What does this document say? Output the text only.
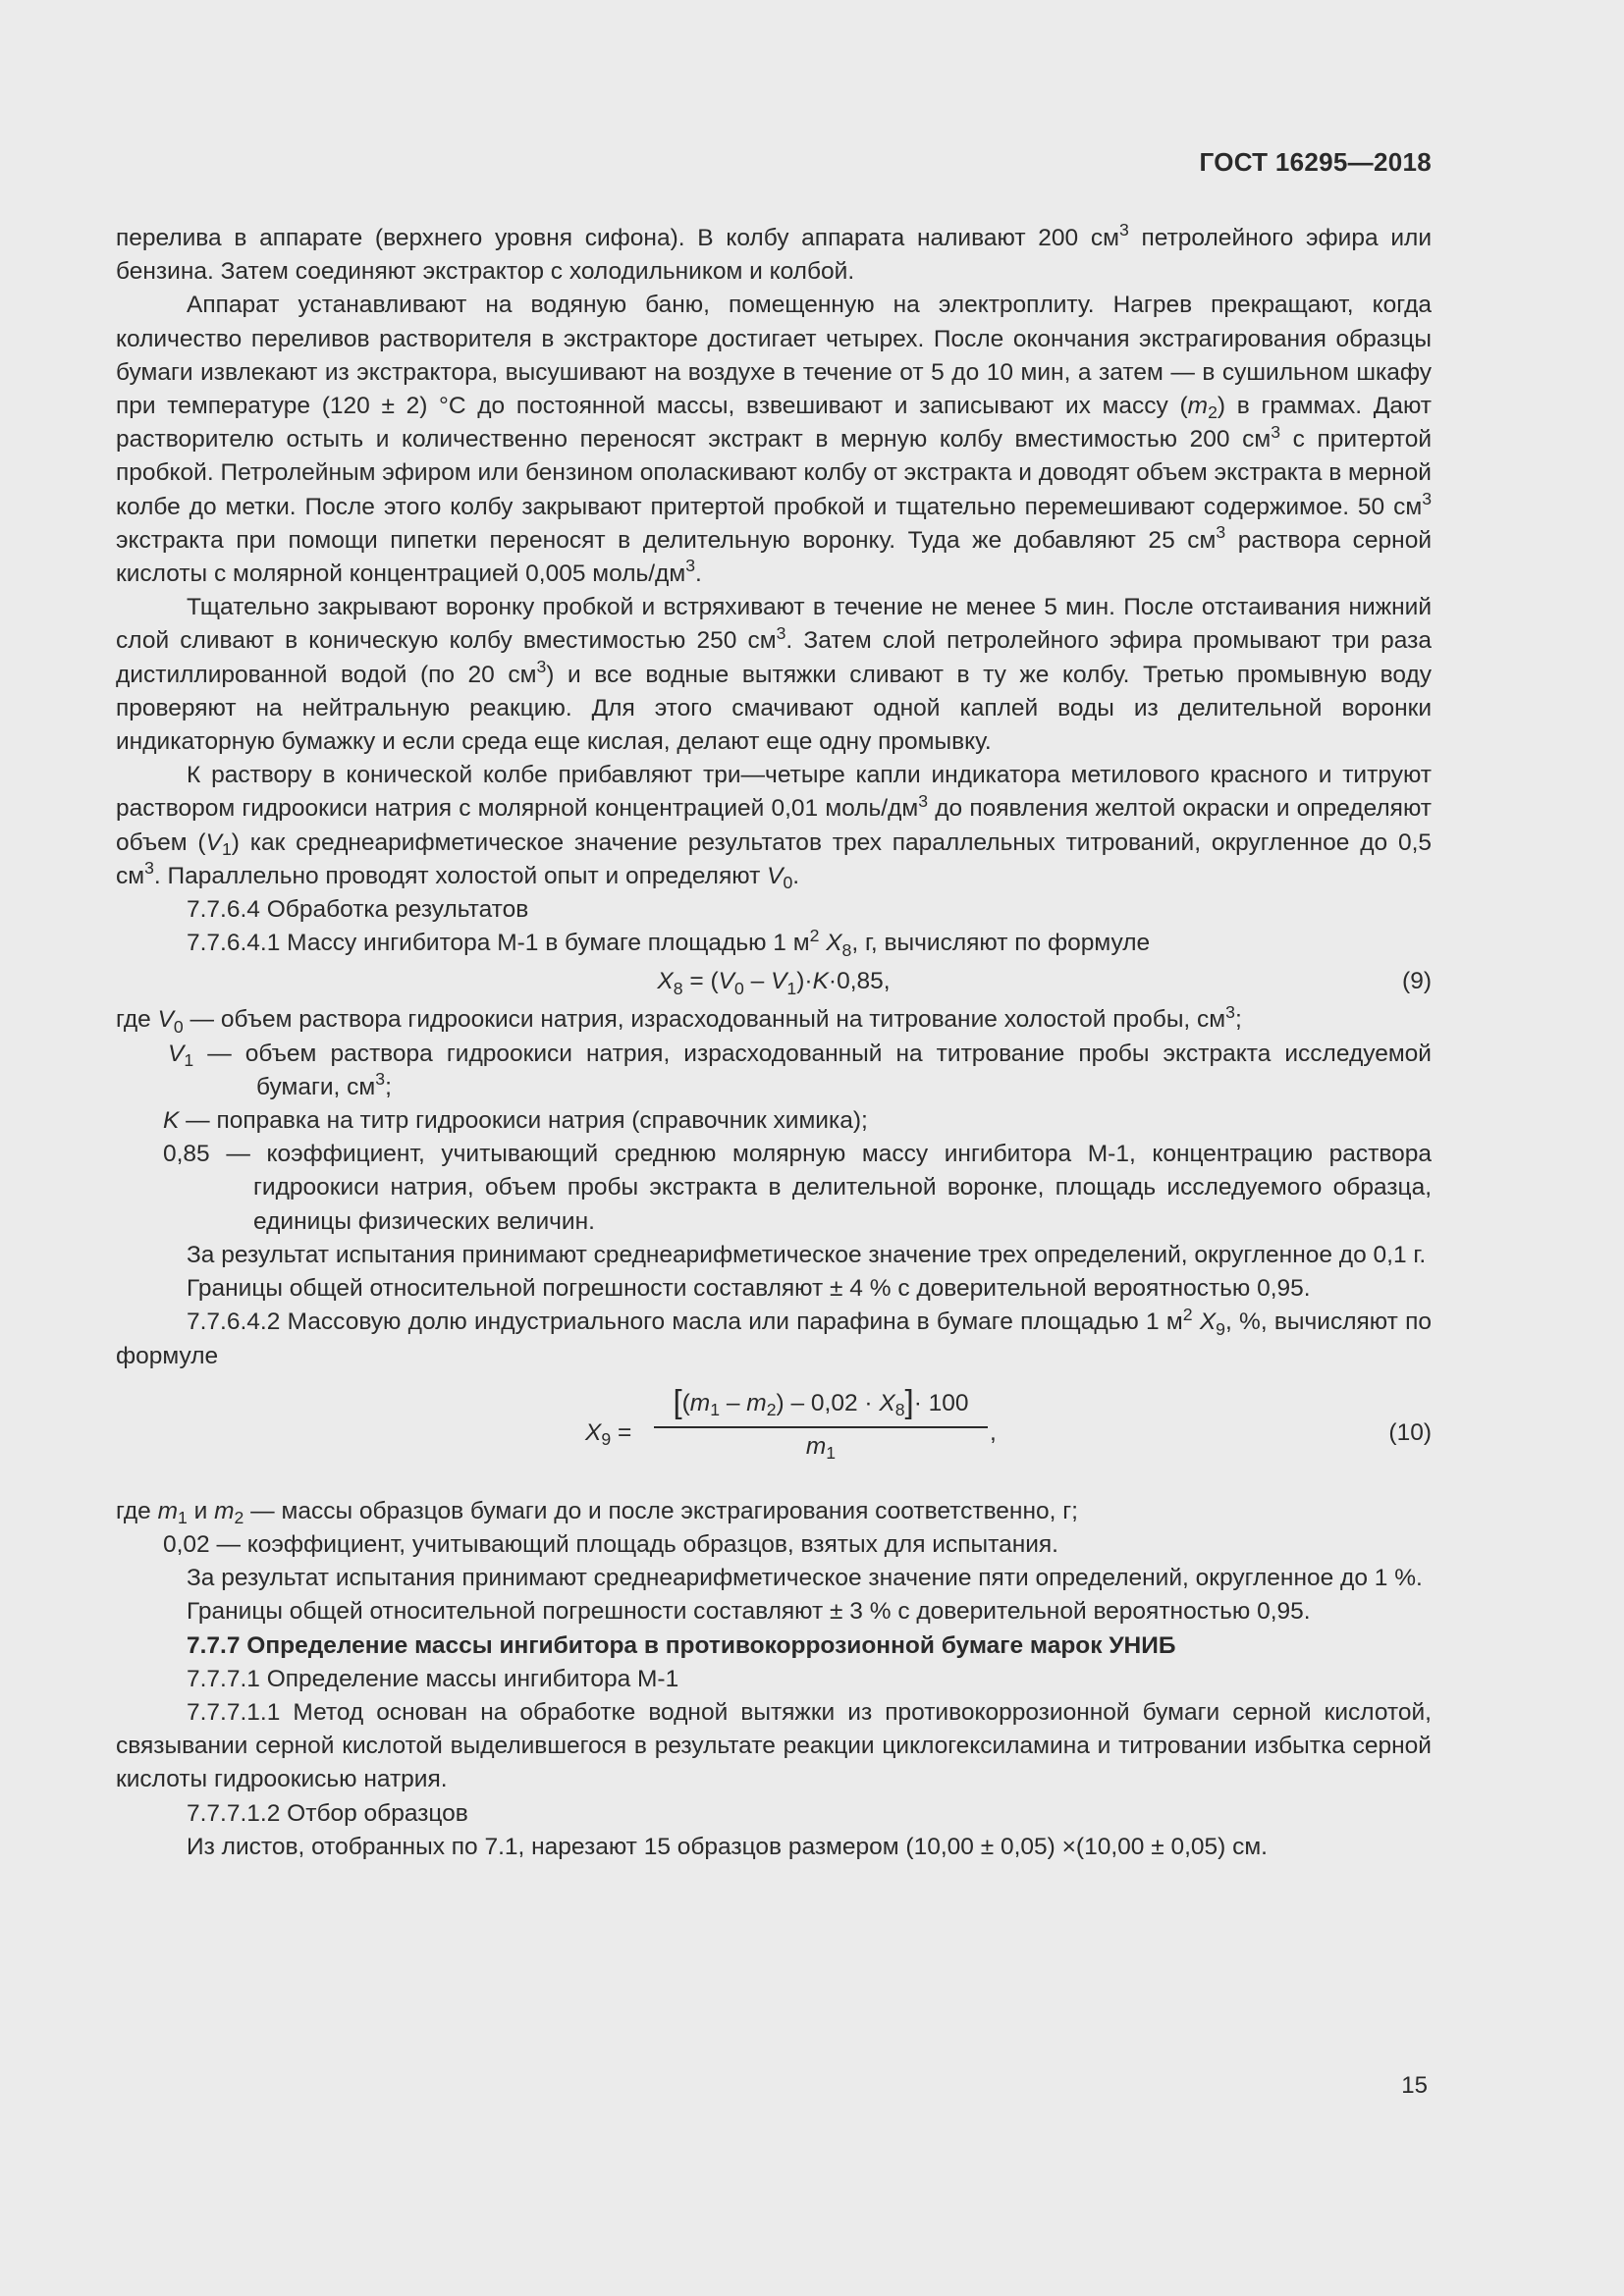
ГОСТ 16295—2018

перелива в аппарате (верхнего уровня сифона). В колбу аппарата наливают 200 $см^3$ петролейного эфира или бензина. Затем соединяют экстрактор с холодильником и колбой.

Аппарат устанавливают на водяную баню, помещенную на электроплиту. Нагрев прекращают, когда количество переливов растворителя в экстракторе достигает четырех. После окончания экстрагирования образцы бумаги извлекают из экстрактора, высушивают на воздухе в течение от 5 до 10 мин, а затем — в сушильном шкафу при температуре (120 ± 2) °С до постоянной массы, взвешивают и записывают их массу $(m_2)$ в граммах. Дают растворителю остыть и количественно переносят экстракт в мерную колбу вместимостью 200 $см^3$ с притертой пробкой. Петролейным эфиром или бензином ополаскивают колбу от экстракта и доводят объем экстракта в мерной колбе до метки. После этого колбу закрывают притертой пробкой и тщательно перемешивают содержимое. 50 $см^3$ экстракта при помощи пипетки переносят в делительную воронку. Туда же добавляют 25 $см^3$ раствора серной кислоты с молярной концентрацией 0,005 моль/$дм^3$.

Тщательно закрывают воронку пробкой и встряхивают в течение не менее 5 мин. После отстаивания нижний слой сливают в коническую колбу вместимостью 250 $см^3$. Затем слой петролейного эфира промывают три раза дистиллированной водой (по 20 $см^3$) и все водные вытяжки сливают в ту же колбу. Третью промывную воду проверяют на нейтральную реакцию. Для этого смачивают одной каплей воды из делительной воронки индикаторную бумажку и если среда еще кислая, делают еще одну промывку.

К раствору в конической колбе прибавляют три—четыре капли индикатора метилового красного и титруют раствором гидроокиси натрия с молярной концентрацией 0,01 моль/$дм^3$ до появления желтой окраски и определяют объем $(V_1)$ как среднеарифметическое значение результатов трех параллельных титрований, округленное до 0,5 $см^3$. Параллельно проводят холостой опыт и определяют $V_0$.

7.7.6.4 Обработка результатов

7.7.6.4.1 Массу ингибитора М-1 в бумаге площадью 1 $м^2$ $X_8$, г, вычисляют по формуле

$X_8 = (V_0 - V_1)\cdot K\cdot 0,85$,	(9)

где $V_0$ — объем раствора гидроокиси натрия, израсходованный на титрование холостой пробы, $см^3$;

$V_1$ — объем раствора гидроокиси натрия, израсходованный на титрование пробы экстракта исследуемой бумаги, $см^3$;

K — поправка на титр гидроокиси натрия (справочник химика);

0,85 — коэффициент, учитывающий среднюю молярную массу ингибитора М-1, концентрацию раствора гидроокиси натрия, объем пробы экстракта в делительной воронке, площадь исследуемого образца, единицы физических величин.

За результат испытания принимают среднеарифметическое значение трех определений, округленное до 0,1 г.

Границы общей относительной погрешности составляют ± 4 % с доверительной вероятностью 0,95.

7.7.6.4.2 Массовую долю индустриального масла или парафина в бумаге площадью 1 $м^2$ $X_9$, %, вычисляют по формуле

$X_9 = \frac{[(m_1 - m_2) - 0,02 \cdot X_8]\cdot 100}{m_1}$ ,	(10)

где $m_1$ и $m_2$ — массы образцов бумаги до и после экстрагирования соответственно, г;

0,02 — коэффициент, учитывающий площадь образцов, взятых для испытания.

За результат испытания принимают среднеарифметическое значение пяти определений, округленное до 1 %.

Границы общей относительной погрешности составляют ± 3 % с доверительной вероятностью 0,95.

7.7.7 Определение массы ингибитора в противокоррозионной бумаге марок УНИБ

7.7.7.1 Определение массы ингибитора М-1

7.7.7.1.1 Метод основан на обработке водной вытяжки из противокоррозионной бумаги серной кислотой, связывании серной кислотой выделившегося в результате реакции циклогексиламина и титровании избытка серной кислоты гидроокисью натрия.

7.7.7.1.2 Отбор образцов

Из листов, отобранных по 7.1, нарезают 15 образцов размером (10,00 ± 0,05) ×(10,00 ± 0,05) см.

15
